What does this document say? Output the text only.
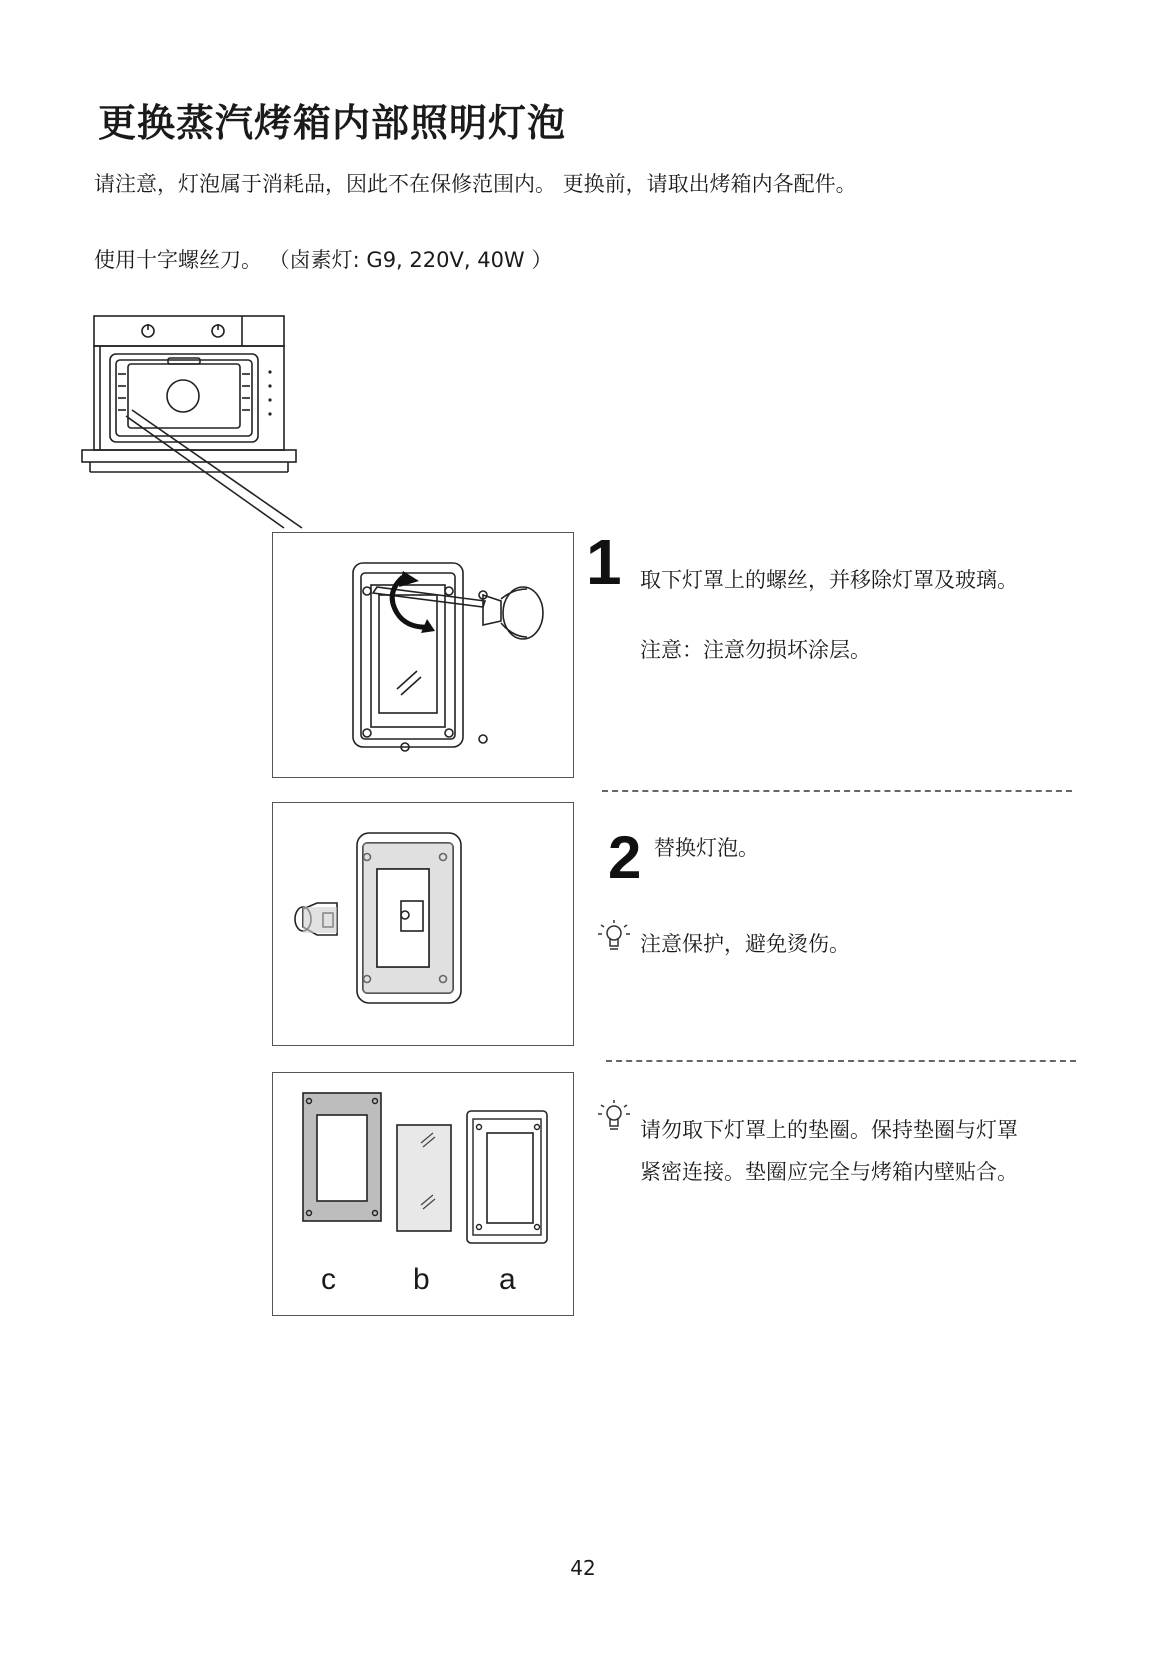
更换蒸汽烤箱内部照明灯泡
请注意，灯泡属于消耗品，因此不在保修范围内。 更换前，请取出烤箱内各配件。
使用十字螺丝刀。 （卤素灯: G9, 220V, 40W ）
1 取下灯罩上的螺丝，并移除灯罩及玻璃。
注意：注意勿损坏涂层。
2 替换灯泡。
注意保护，避免烫伤。
c	b a
请勿取下灯罩上的垫圈。保持垫圈与灯罩
紧密连接。垫圈应完全与烤箱内壁贴合。
42
